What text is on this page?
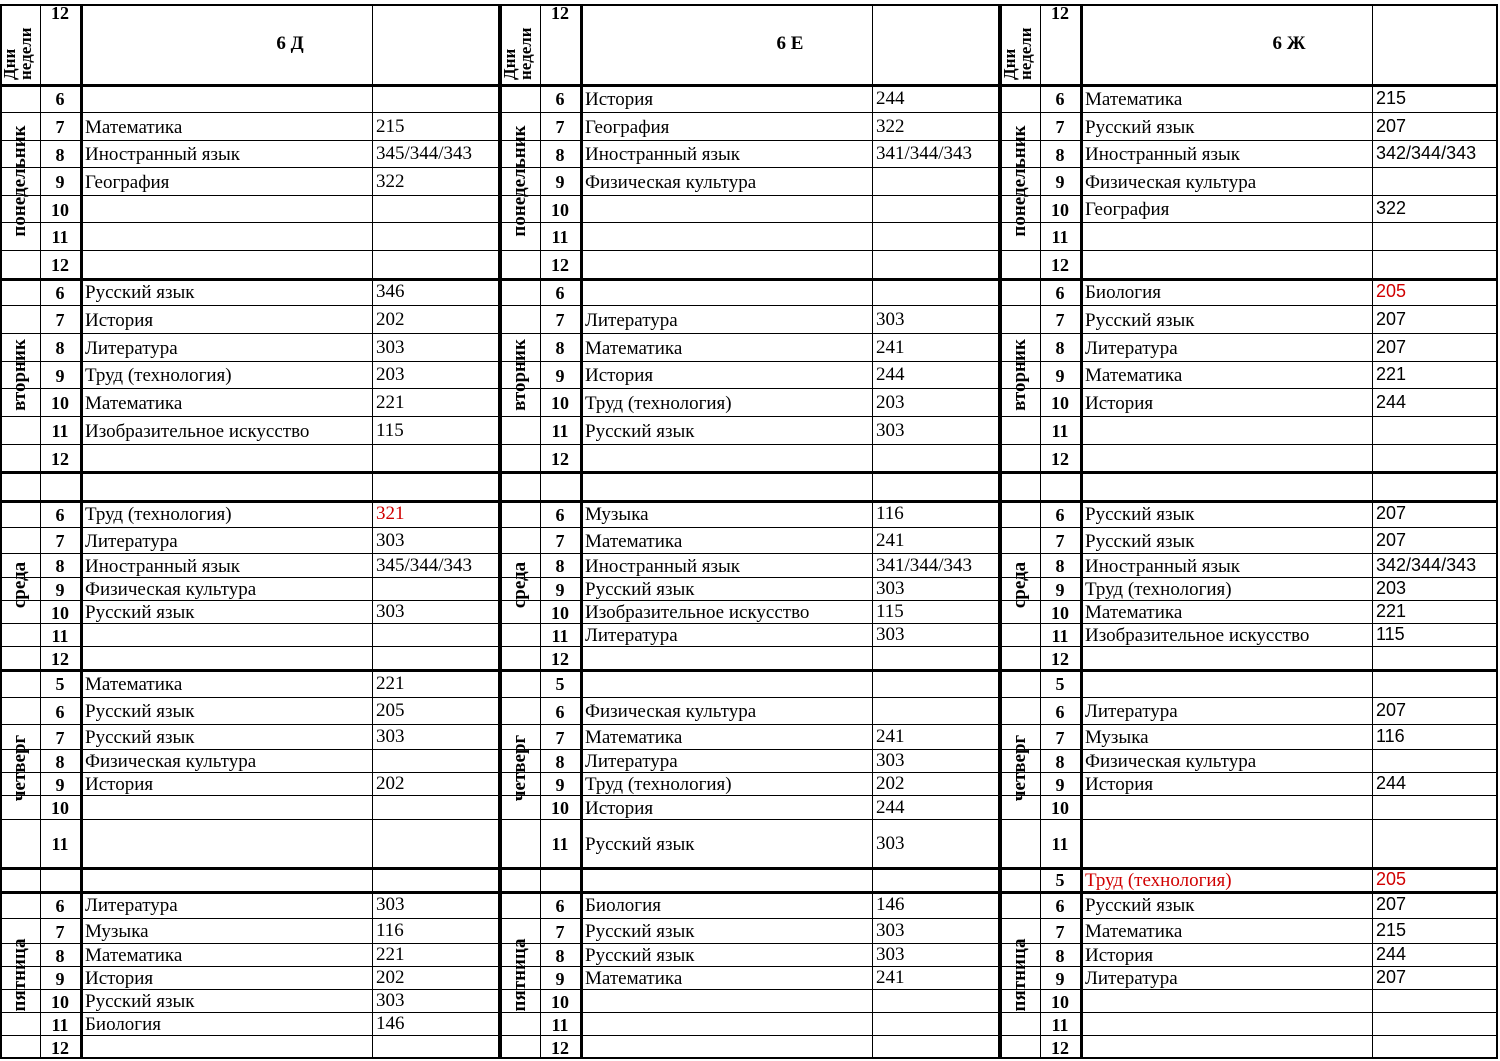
Дни
недели	6 Д
понедельник
6
7	Математика	215
8	Иностранный язык	345/344/343
9	География	322
10
11
12
вторник
6	Русский язык	346
7	История	202
8	Литература	303
9	Труд (технология)	203
10 Математика	221
11 Изобразительное искусство	115
12
среда
6	Труд (технология)	321
7	Литература	303
8	Иностранный язык	345/344/343
9	Физическая культура
10 Русский язык	303
11
12
четверг
5	Математика	221
6	Русский язык	205
7	Русский язык	303
8	Физическая культура
9	История	202
10
11
12
пятница
6	Литература	303
7	Музыка	116
8	Математика	221
9	История	202
10 Русский язык	303
11 Биология	146
12
Дни
недели	6 Е
понедельник
6	История	244
7	География	322
8	Иностранный язык	341/344/343
9	Физическая культура
10
11
12
вторник
6
7	Литература	303
8	Математика	241
9	История	244
10 Труд (технология)	203
11 Русский язык	303
12
среда
6	Музыка	116
7	Математика	241
8	Иностранный язык	341/344/343
9	Русский язык	303
10 Изобразительное искусство	115
11 Литература	303
12
четверг
5
6	Физическая культура
7	Математика	241
8	Литература	303
9	Труд (технология)	202
10 История	244
11 Русский язык	303
12
пятница
6	Биология	146
7	Русский язык	303
8	Русский язык	303
9	Математика	241
10
11
12
Дни
недели	6 Ж
понедельник
6	Математика	215
7	Русский язык	207
8	Иностранный язык	342/344/343
9	Физическая культура
10 География	322
11
12
вторник
6	Биология	205
7	Русский язык	207
8	Литература	207
9	Математика	221
10 История	244
11
12
среда
6	Русский язык	207
7	Русский язык	207
8	Иностранный язык	342/344/343
9	Труд (технология)	203
10 Математика	221
11 Изобразительное искусство	115
12
четверг
5
6	Литература	207
7	Музыка	116
8	Физическая культура
9	История	244
10
11
12
5	Труд (технология)	205
пятница
6	Русский язык	207
7	Математика	215
8	История	244
9	Литература	207
10
11
12
